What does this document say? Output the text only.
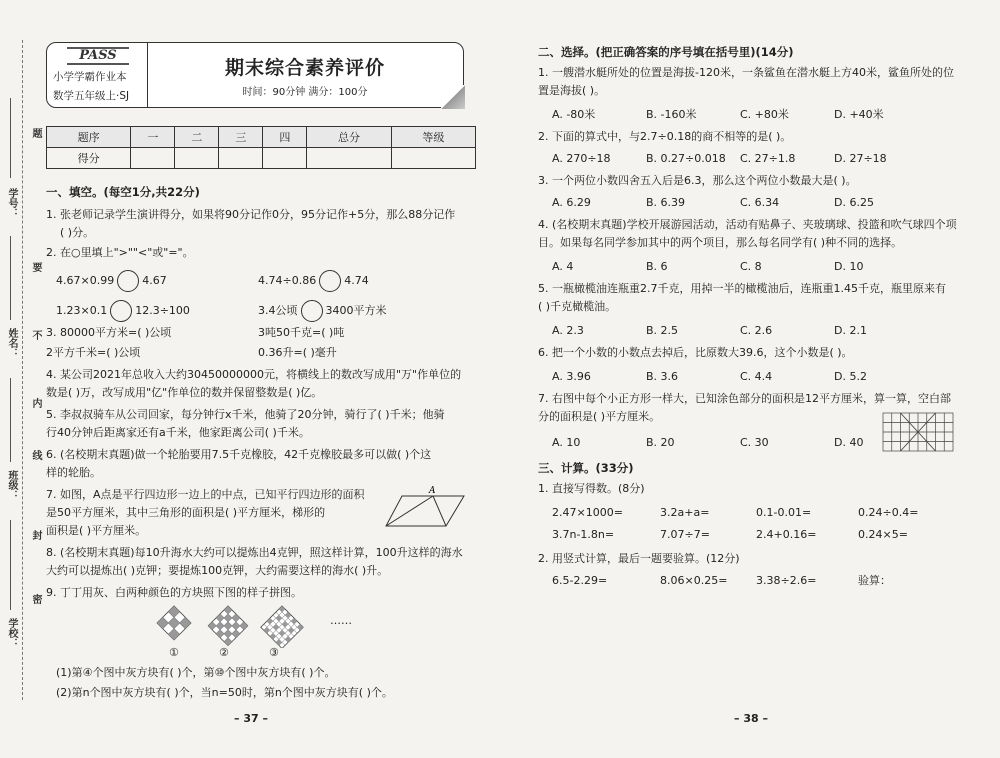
题
学号：
要
姓名： 不
内
线
班级：
封
密
学校：
PASS
小学学霸作业本
数学五年级上·SJ
期末综合素养评价
时间：90分钟 满分：100分
题序	一	二	三	四	总分	等级
得分						
一、填空。(每空1分,共22分)
1. 张老师记录学生演讲得分，如果将90分记作0分，95分记作+5分，那么88分记作
( )分。
2. 在○里填上">""<"或"="。
4.67×0.99	4.67	4.74÷0.86	4.74
1.23×0.1	12.3÷100	3.4公顷	3400平方米
3. 80000平方米=( )公顷	3吨50千克=( )吨
2平方千米=( )公顷	0.36升=( )毫升
4. 某公司2021年总收入大约30450000000元，将横线上的数改写成用"万"作单位的
数是( )万，改写成用"亿"作单位的数并保留整数是( )亿。
5. 李叔叔骑车从公司回家，每分钟行x千米，他骑了20分钟，骑行了( )千米；他骑
行40分钟后距离家还有a千米，他家距离公司( )千米。
6. (名校期末真题)做一个轮胎要用7.5千克橡胶，42千克橡胶最多可以做( )个这
样的轮胎。
7. 如图，A点是平行四边形一边上的中点，已知平行四边形的面积
是50平方厘米，其中三角形的面积是( )平方厘米，梯形的
面积是( )平方厘米。
A
8. (名校期末真题)每10升海水大约可以提炼出4克钾，照这样计算，100升这样的海水
大约可以提炼出( )克钾；要提炼100克钾，大约需要这样的海水( )升。
9. 丁丁用灰、白两种颜色的方块照下图的样子拼图。
……
①	②	③
(1)第④个图中灰方块有( )个，第⑩个图中灰方块有( )个。
(2)第n个图中灰方块有( )个，当n=50时，第n个图中灰方块有( )个。
– 37 –
二、选择。(把正确答案的序号填在括号里)(14分)
1. 一艘潜水艇所处的位置是海拔-120米，一条鲨鱼在潜水艇上方40米，鲨鱼所处的位
置是海拔( )。
A. -80米	B. -160米	C. +80米	D. +40米
2. 下面的算式中，与2.7÷0.18的商不相等的是( )。
A. 270÷18	B. 0.27÷0.018 C. 27÷1.8	D. 27÷18
3. 一个两位小数四舍五入后是6.3，那么这个两位小数最大是( )。
A. 6.29	B. 6.39	C. 6.34	D. 6.25
4. (名校期末真题)学校开展游园活动，活动有贴鼻子、夹玻璃球、投篮和吹气球四个项
目。如果每名同学参加其中的两个项目，那么每名同学有( )种不同的选择。
A. 4	B. 6	C. 8	D. 10
5. 一瓶橄榄油连瓶重2.7千克，用掉一半的橄榄油后，连瓶重1.45千克，瓶里原来有
( )千克橄榄油。
A. 2.3	B. 2.5	C. 2.6	D. 2.1
6. 把一个小数的小数点去掉后，比原数大39.6，这个小数是( )。
A. 3.96	B. 3.6	C. 4.4	D. 5.2
7. 右图中每个小正方形一样大，已知涂色部分的面积是12平方厘米，算一算，空白部
分的面积是( )平方厘米。
A. 10	B. 20	C. 30	D. 40
三、计算。(33分)
1. 直接写得数。(8分)
2.47×1000=	3.2a+a=	0.1-0.01=	0.24÷0.4=
3.7n-1.8n=	7.07÷7=	2.4+0.16=	0.24×5=
2. 用竖式计算，最后一题要验算。(12分)
6.5-2.29=	8.06×0.25=	3.38÷2.6=	验算：
– 38 –
